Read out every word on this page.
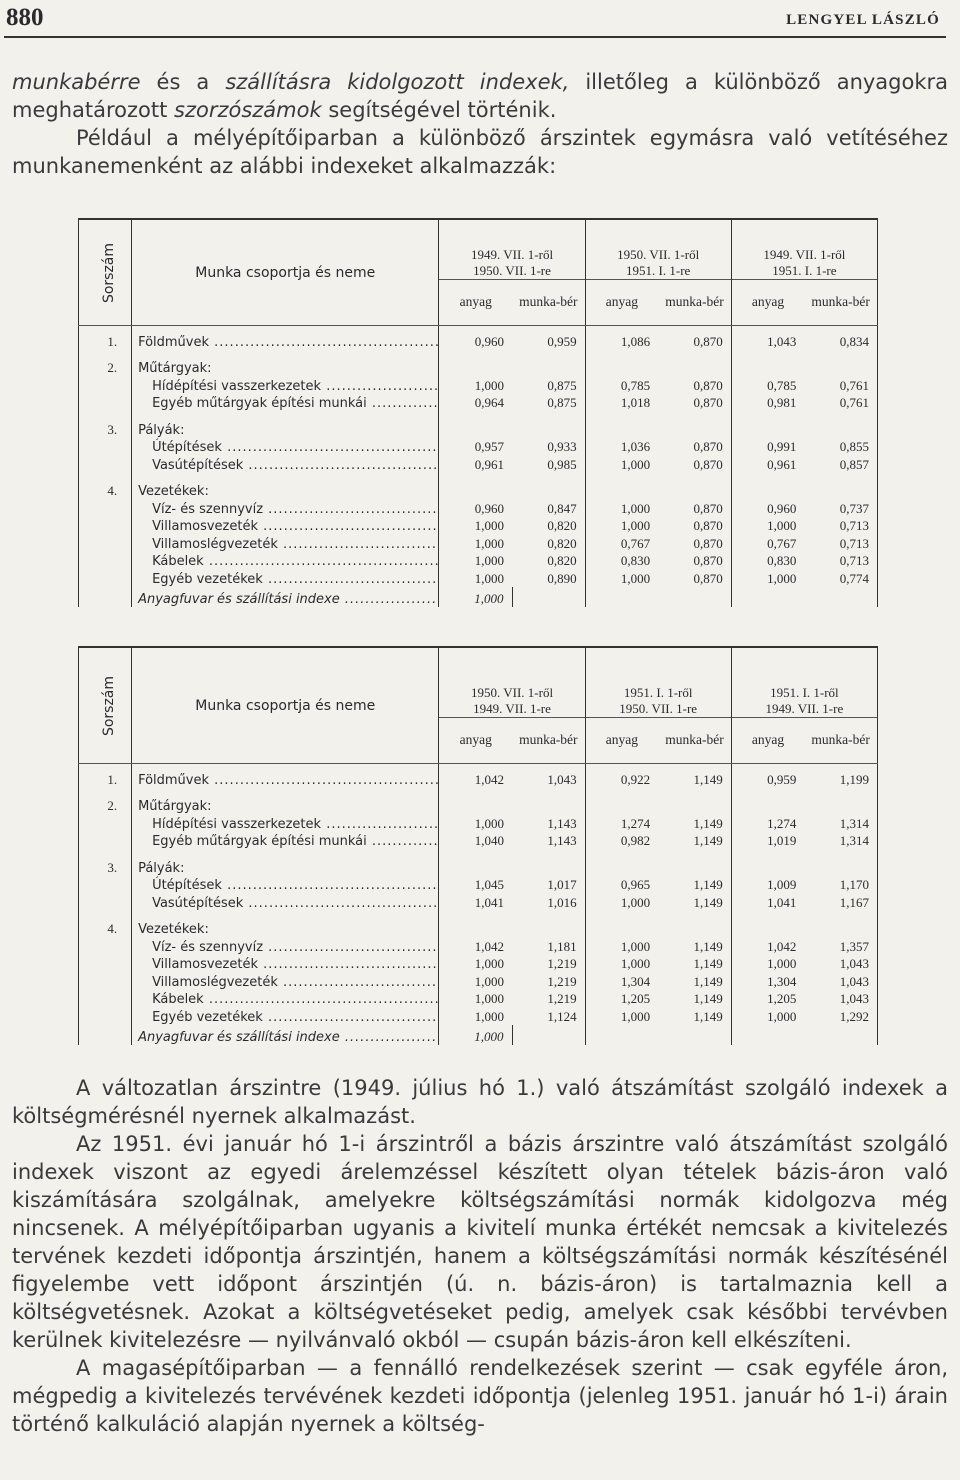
880	LENGYEL LÁSZLÓ

munkabérre és a szállításra kidolgozott indexek, illetőleg a különböző anyagokra meghatározott szorzószámok segítségével történik.

Például a mélyépítőiparban a különböző árszintek egymásra való vetítéséhez munkanemenként az alábbi indexeket alkalmazzák:

Sorszám	Munka csoportja és neme	1949. VII. 1-ről
1950. VII. 1-re		1950. VII. 1-ről
1951. I. 1-re		1949. VII. 1-ről
1951. I. 1-re	
		anyag	munka-bér	anyag	munka-bér	anyag	munka-bér
1.	Földművek .....	0,960	0,959	1,086	0,870	1,043	0,834
2.	Műtárgyak:						
	Hídépítési vasszerkezetek .....	1,000	0,875	0,785	0,870	0,785	0,761
	Egyéb műtárgyak építési munkái .....	0,964	0,875	1,018	0,870	0,981	0,761
3.	Pályák:						
	Útépítések .....	0,957	0,933	1,036	0,870	0,991	0,855
	Vasútépítések .....	0,961	0,985	1,000	0,870	0,961	0,857
4.	Vezetékek:						
	Víz- és szennyvíz .....	0,960	0,847	1,000	0,870	0,960	0,737
	Villamosvezeték .....	1,000	0,820	1,000	0,870	1,000	0,713
	Villamoslégvezeték .....	1,000	0,820	0,767	0,870	0,767	0,713
	Kábelek .....	1,000	0,820	0,830	0,870	0,830	0,713
	Egyéb vezetékek .....	1,000	0,890	1,000	0,870	1,000	0,774
	Anyagfuvar és szállítási indexe .....	1,000					
Sorszám	Munka csoportja és neme	1950. VII. 1-ről
1949. VII. 1-re		1951. I. 1-ről
1950. VII. 1-re		1951. I. 1-ről
1949. VII. 1-re	
		anyag	munka-bér	anyag	munka-bér	anyag	munka-bér
1.	Földművek .....	1,042	1,043	0,922	1,149	0,959	1,199
2.	Műtárgyak:						
	Hídépítési vasszerkezetek .....	1,000	1,143	1,274	1,149	1,274	1,314
	Egyéb műtárgyak építési munkái .....	1,040	1,143	0,982	1,149	1,019	1,314
3.	Pályák:						
	Útépítések .....	1,045	1,017	0,965	1,149	1,009	1,170
	Vasútépítések .....	1,041	1,016	1,000	1,149	1,041	1,167
4.	Vezetékek:						
	Víz- és szennyvíz .....	1,042	1,181	1,000	1,149	1,042	1,357
	Villamosvezeték .....	1,000	1,219	1,000	1,149	1,000	1,043
	Villamoslégvezeték .....	1,000	1,219	1,304	1,149	1,304	1,043
	Kábelek .....	1,000	1,219	1,205	1,149	1,205	1,043
	Egyéb vezetékek .....	1,000	1,124	1,000	1,149	1,000	1,292
	Anyagfuvar és szállítási indexe .....	1,000					

A változatlan árszintre (1949. július hó 1.) való átszámítást szolgáló indexek a költségmérésnél nyernek alkalmazást.

Az 1951. évi január hó 1-i árszintről a bázis árszintre való átszámítást szolgáló indexek viszont az egyedi árelemzéssel készített olyan tételek bázis-áron való kiszámítására szolgálnak, amelyekre költségszámítási normák kidolgozva még nincsenek. A mélyépítőiparban ugyanis a kivitelí munka értékét nemcsak a kivitelezés tervének kezdeti időpontja árszintjén, hanem a költségszámítási normák készítésénél figyelembe vett időpont árszintjén (ú. n. bázis-áron) is tartalmaznia kell a költségvetésnek. Azokat a költségvetéseket pedig, amelyek csak későbbi tervévben kerülnek kivitelezésre — nyilvánvaló okból — csupán bázis-áron kell elkészíteni.

A magasépítőiparban — a fennálló rendelkezések szerint — csak egyféle áron, mégpedig a kivitelezés tervévének kezdeti időpontja (jelenleg 1951. január hó 1-i) árain történő kalkuláció alapján nyernek a költség-
